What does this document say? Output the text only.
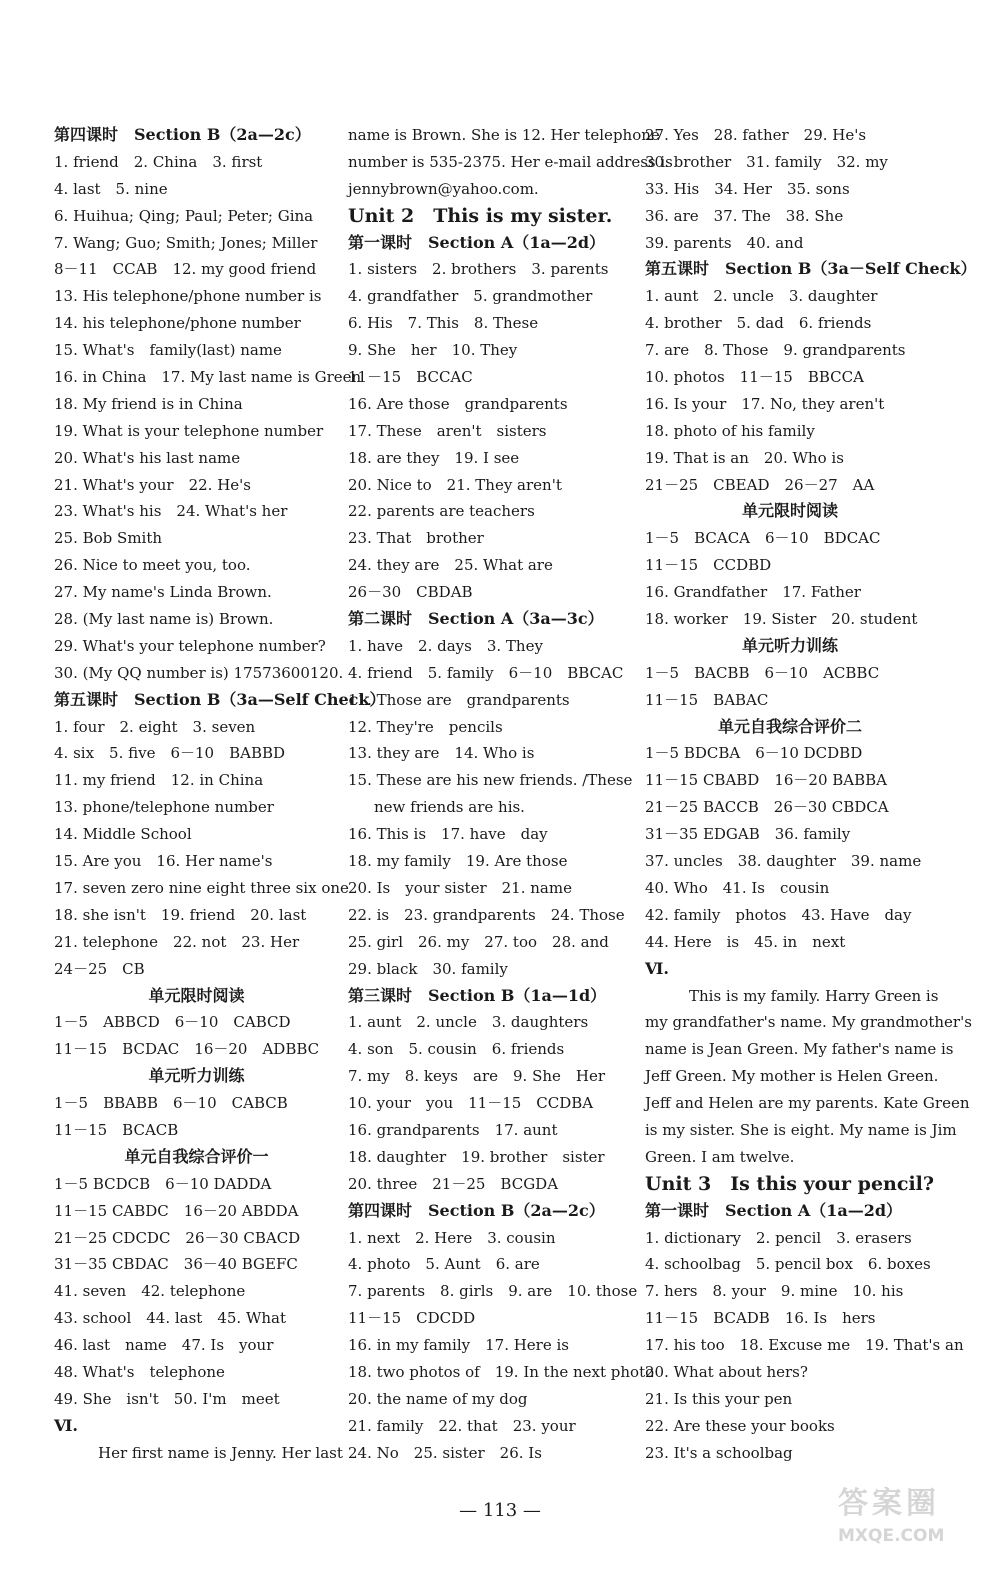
第四课时　Section B（2a—2c）
1. friend　2. China　3. first
4. last　5. nine
6. Huihua; Qing; Paul; Peter; Gina
7. Wang; Guo; Smith; Jones; Miller
8－11　CCAB　12. my good friend
13. His telephone/phone number is
14. his telephone/phone number
15. What's　family(last) name
16. in China　17. My last name is Green
18. My friend is in China
19. What is your telephone number
20. What's his last name
21. What's your　22. He's
23. What's his　24. What's her
25. Bob Smith
26. Nice to meet you, too.
27. My name's Linda Brown.
28. (My last name is) Brown.
29. What's your telephone number?
30. (My QQ number is) 17573600120.
第五课时　Section B（3a—Self Check）
1. four　2. eight　3. seven
4. six　5. five　6－10　BABBD
11. my friend　12. in China
13. phone/telephone number
14. Middle School
15. Are you　16. Her name's
17. seven zero nine eight three six one
18. she isn't　19. friend　20. last
21. telephone　22. not　23. Her
24－25　CB
单元限时阅读
1－5　ABBCD　6－10　CABCD
11－15　BCDAC　16－20　ADBBC
单元听力训练
1－5　BBABB　6－10　CABCB
11－15　BCACB
单元自我综合评价一
1－5 BCDCB　6－10 DADDA
11－15 CABDC　16－20 ABDDA
21－25 CDCDC　26－30 CBACD
31－35 CBDAC　36－40 BGEFC
41. seven　42. telephone
43. school　44. last　45. What
46. last　name　47. Is　your
48. What's　telephone
49. She　isn't　50. I'm　meet
Ⅵ.
Her first name is Jenny. Her last
name is Brown. She is 12. Her telephone
number is 535-2375. Her e-mail address is
jennybrown@yahoo.com.
Unit 2　This is my sister.
第一课时　Section A（1a—2d）
1. sisters　2. brothers　3. parents
4. grandfather　5. grandmother
6. His　7. This　8. These
9. She　her　10. They
11－15　BCCAC
16. Are those　grandparents
17. These　aren't　sisters
18. are they　19. I see
20. Nice to　21. They aren't
22. parents are teachers
23. That　brother
24. they are　25. What are
26－30　CBDAB
第二课时　Section A（3a—3c）
1. have　2. days　3. They
4. friend　5. family　6－10　BBCAC
11. Those are　grandparents
12. They're　pencils
13. they are　14. Who is
15. These are his new friends. /These
new friends are his.
16. This is　17. have　day
18. my family　19. Are those
20. Is　your sister　21. name
22. is　23. grandparents　24. Those
25. girl　26. my　27. too　28. and
29. black　30. family
第三课时　Section B（1a—1d）
1. aunt　2. uncle　3. daughters
4. son　5. cousin　6. friends
7. my　8. keys　are　9. She　Her
10. your　you　11－15　CCDBA
16. grandparents　17. aunt
18. daughter　19. brother　sister
20. three　21－25　BCGDA
第四课时　Section B（2a—2c）
1. next　2. Here　3. cousin
4. photo　5. Aunt　6. are
7. parents　8. girls　9. are　10. those
11－15　CDCDD
16. in my family　17. Here is
18. two photos of　19. In the next photo
20. the name of my dog
21. family　22. that　23. your
24. No　25. sister　26. Is
27. Yes　28. father　29. He's
30. brother　31. family　32. my
33. His　34. Her　35. sons
36. are　37. The　38. She
39. parents　40. and
第五课时　Section B（3a－Self Check）
1. aunt　2. uncle　3. daughter
4. brother　5. dad　6. friends
7. are　8. Those　9. grandparents
10. photos　11－15　BBCCA
16. Is your　17. No, they aren't
18. photo of his family
19. That is an　20. Who is
21－25　CBEAD　26－27　AA
单元限时阅读
1－5　BCACA　6－10　BDCAC
11－15　CCDBD
16. Grandfather　17. Father
18. worker　19. Sister　20. student
单元听力训练
1－5　BACBB　6－10　ACBBC
11－15　BABAC
单元自我综合评价二
1－5 BDCBA　6－10 DCDBD
11－15 CBABD　16－20 BABBA
21－25 BACCB　26－30 CBDCA
31－35 EDGAB　36. family
37. uncles　38. daughter　39. name
40. Who　41. Is　cousin
42. family　photos　43. Have　day
44. Here　is　45. in　next
Ⅵ.
This is my family. Harry Green is
my grandfather's name. My grandmother's
name is Jean Green. My father's name is
Jeff Green. My mother is Helen Green.
Jeff and Helen are my parents. Kate Green
is my sister. She is eight. My name is Jim
Green. I am twelve.
Unit 3　Is this your pencil?
第一课时　Section A（1a—2d）
1. dictionary　2. pencil　3. erasers
4. schoolbag　5. pencil box　6. boxes
7. hers　8. your　9. mine　10. his
11－15　BCADB　16. Is　hers
17. his too　18. Excuse me　19. That's an
20. What about hers?
21. Is this your pen
22. Are these your books
23. It's a schoolbag
— 113 —	答案圈
MXQE.COM
